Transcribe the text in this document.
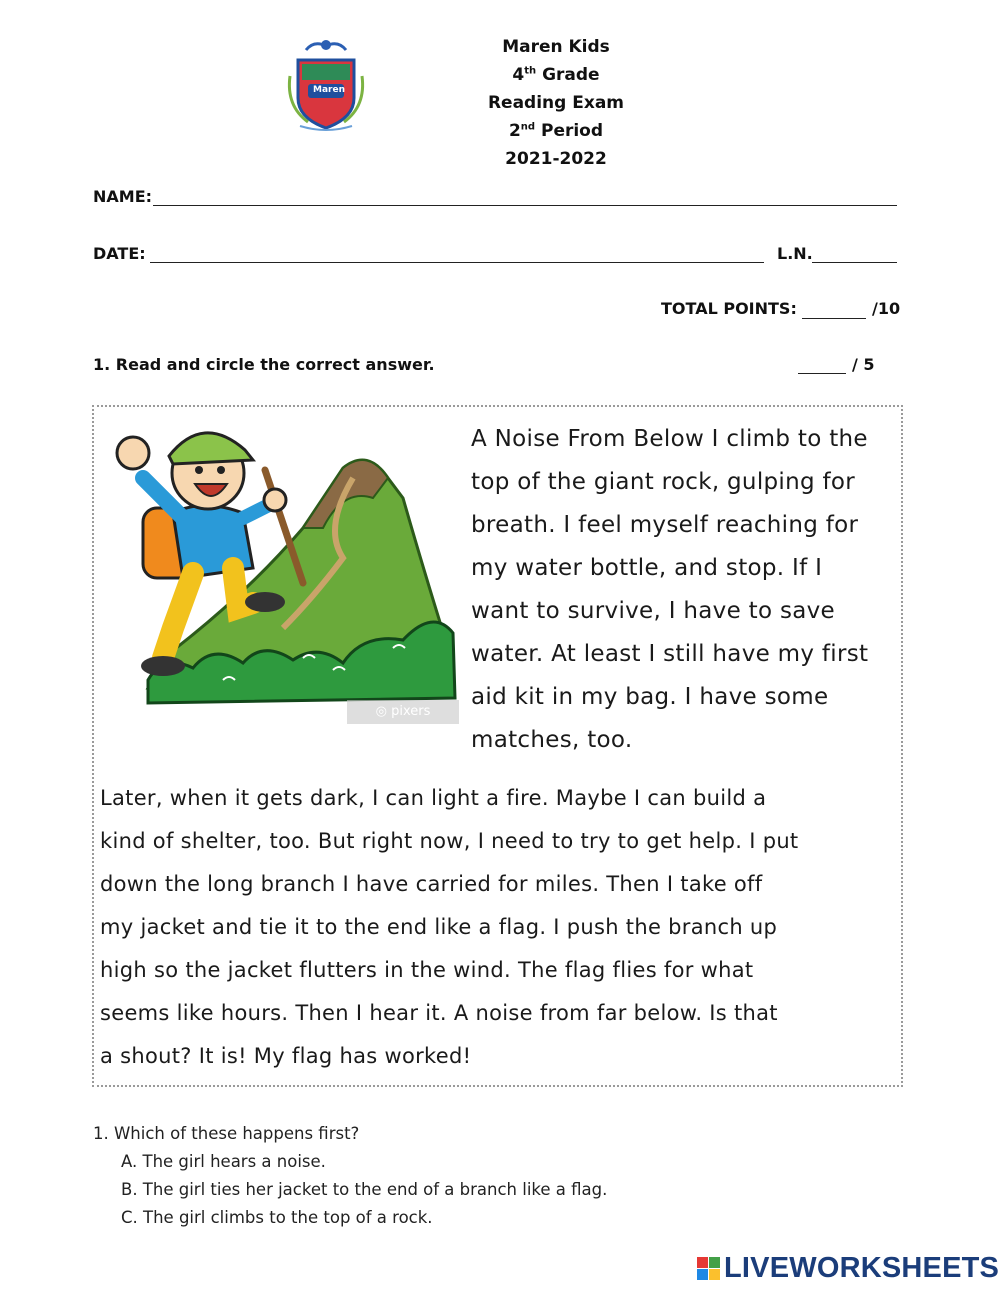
Maren
Maren Kids
4th Grade
Reading Exam
2nd Period
2021-2022
NAME:
DATE:	L.N.
TOTAL POINTS:	/10
1. Read and circle the correct answer.	/ 5
◎ pixers
A Noise From Below I climb to the
top of the giant rock, gulping for
breath. I feel myself reaching for
my water bottle, and stop. If I
want to survive, I have to save
water. At least I still have my first
aid kit in my bag. I have some
matches, too.
Later, when it gets dark, I can light a fire. Maybe I can build a
kind of shelter, too. But right now, I need to try to get help. I put
down the long branch I have carried for miles. Then I take off
my jacket and tie it to the end like a flag. I push the branch up
high so the jacket flutters in the wind. The flag flies for what
seems like hours. Then I hear it. A noise from far below. Is that
a shout? It is! My flag has worked!
1. Which of these happens first?
A. The girl hears a noise.
B. The girl ties her jacket to the end of a branch like a flag.
C. The girl climbs to the top of a rock.
LIVEWORKSHEETS
